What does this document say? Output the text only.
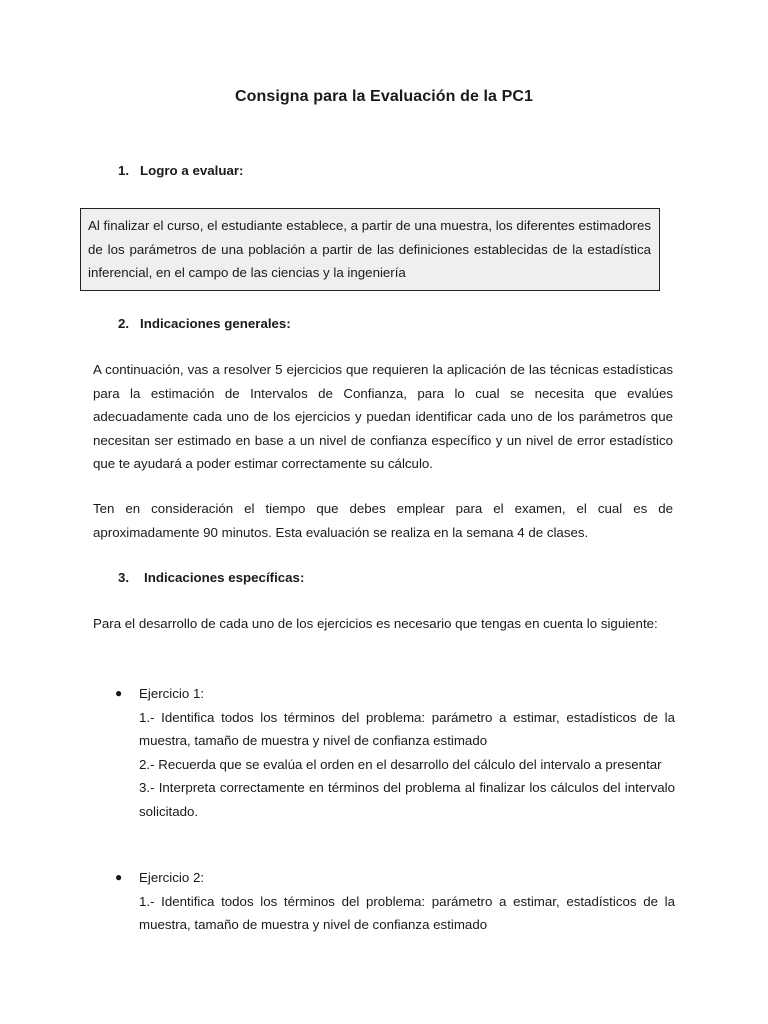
Consigna para la Evaluación de la PC1
1. Logro a evaluar:

Al finalizar el curso, el estudiante establece, a partir de una muestra, los diferentes estimadores de los parámetros de una población a partir de las definiciones establecidas de la estadística inferencial, en el campo de las ciencias y la ingeniería

2. Indicaciones generales:

A continuación, vas a resolver 5 ejercicios que requieren la aplicación de las técnicas estadísticas para la estimación de Intervalos de Confianza, para lo cual se necesita que evalúes adecuadamente cada uno de los ejercicios y puedan identificar cada uno de los parámetros que necesitan ser estimado en base a un nivel de confianza específico y un nivel de error estadístico que te ayudará a poder estimar correctamente su cálculo.

Ten en consideración el tiempo que debes emplear para el examen, el cual es de aproximadamente 90 minutos. Esta evaluación se realiza en la semana 4 de clases.

3. Indicaciones específicas:

Para el desarrollo de cada uno de los ejercicios es necesario que tengas en cuenta lo siguiente:

●	Ejercicio 1:

1.- Identifica todos los términos del problema: parámetro a estimar, estadísticos de la muestra, tamaño de muestra y nivel de confianza estimado

2.- Recuerda que se evalúa el orden en el desarrollo del cálculo del intervalo a presentar

3.- Interpreta correctamente en términos del problema al finalizar los cálculos del intervalo solicitado.

●	Ejercicio 2:

1.- Identifica todos los términos del problema: parámetro a estimar, estadísticos de la muestra, tamaño de muestra y nivel de confianza estimado
